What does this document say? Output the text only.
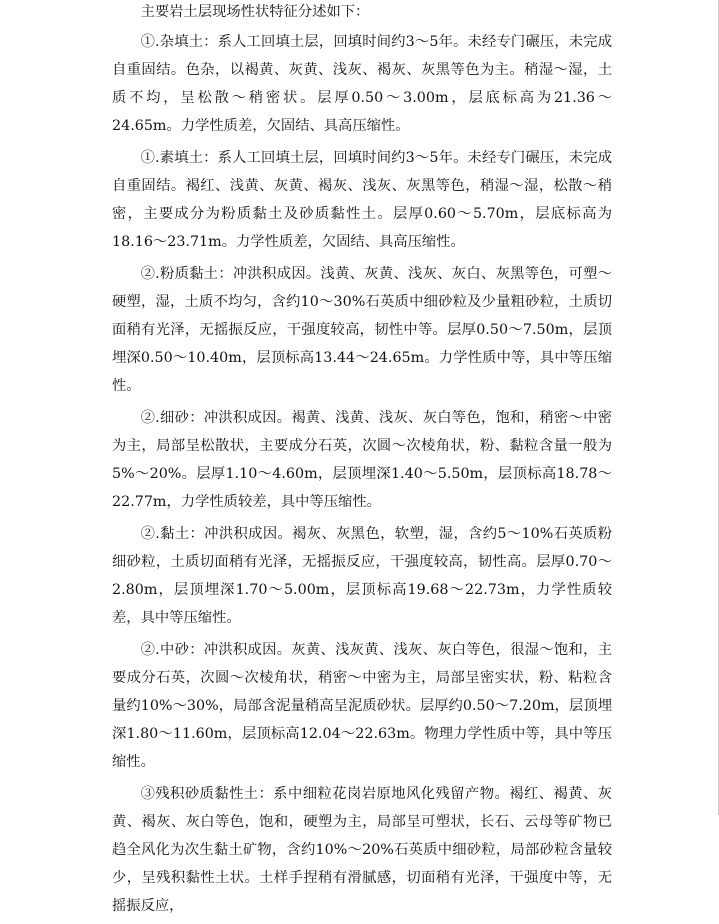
主要岩土层现场性状特征分述如下：

①.杂填土：系人工回填土层，回填时间约3～5年。未经专门碾压，未完成自重固结。色杂，以褐黄、灰黄、浅灰、褐灰、灰黑等色为主。稍湿～湿，土质不均，呈松散～稍密状。层厚0.50～3.00m，层底标高为21.36～24.65m。力学性质差，欠固结、具高压缩性。

①.素填土：系人工回填土层，回填时间约3～5年。未经专门碾压，未完成自重固结。褐红、浅黄、灰黄、褐灰、浅灰、灰黑等色，稍湿～湿，松散～稍密，主要成分为粉质黏土及砂质黏性土。层厚0.60～5.70m，层底标高为18.16～23.71m。力学性质差，欠固结、具高压缩性。

②.粉质黏土：冲洪积成因。浅黄、灰黄、浅灰、灰白、灰黑等色，可塑～硬塑，湿，土质不均匀，含约10～30%石英质中细砂粒及少量粗砂粒，土质切面稍有光泽，无摇振反应，干强度较高，韧性中等。层厚0.50～7.50m，层顶埋深0.50～10.40m，层顶标高13.44～24.65m。力学性质中等，具中等压缩性。

②.细砂：冲洪积成因。褐黄、浅黄、浅灰、灰白等色，饱和，稍密～中密为主，局部呈松散状，主要成分石英，次圆～次棱角状，粉、黏粒含量一般为5%～20%。层厚1.10～4.60m，层顶埋深1.40～5.50m，层顶标高18.78～22.77m，力学性质较差，具中等压缩性。

②.黏土：冲洪积成因。褐灰、灰黑色，软塑，湿，含约5～10%石英质粉细砂粒，土质切面稍有光泽，无摇振反应，干强度较高，韧性高。层厚0.70～2.80m，层顶埋深1.70～5.00m，层顶标高19.68～22.73m，力学性质较差，具中等压缩性。

②.中砂：冲洪积成因。灰黄、浅灰黄、浅灰、灰白等色，很湿～饱和，主要成分石英，次圆～次棱角状，稍密～中密为主，局部呈密实状，粉、粘粒含量约10%～30%，局部含泥量稍高呈泥质砂状。层厚约0.50～7.20m，层顶埋深1.80～11.60m，层顶标高12.04～22.63m。物理力学性质中等，具中等压缩性。

③残积砂质黏性土：系中细粒花岗岩原地风化残留产物。褐红、褐黄、灰黄、褐灰、灰白等色，饱和，硬塑为主，局部呈可塑状，长石、云母等矿物已趋全风化为次生黏土矿物，含约10%～20%石英质中细砂粒，局部砂粒含量较少，呈残积黏性土状。土样手捏稍有滑腻感，切面稍有光泽，干强度中等，无摇振反应，
